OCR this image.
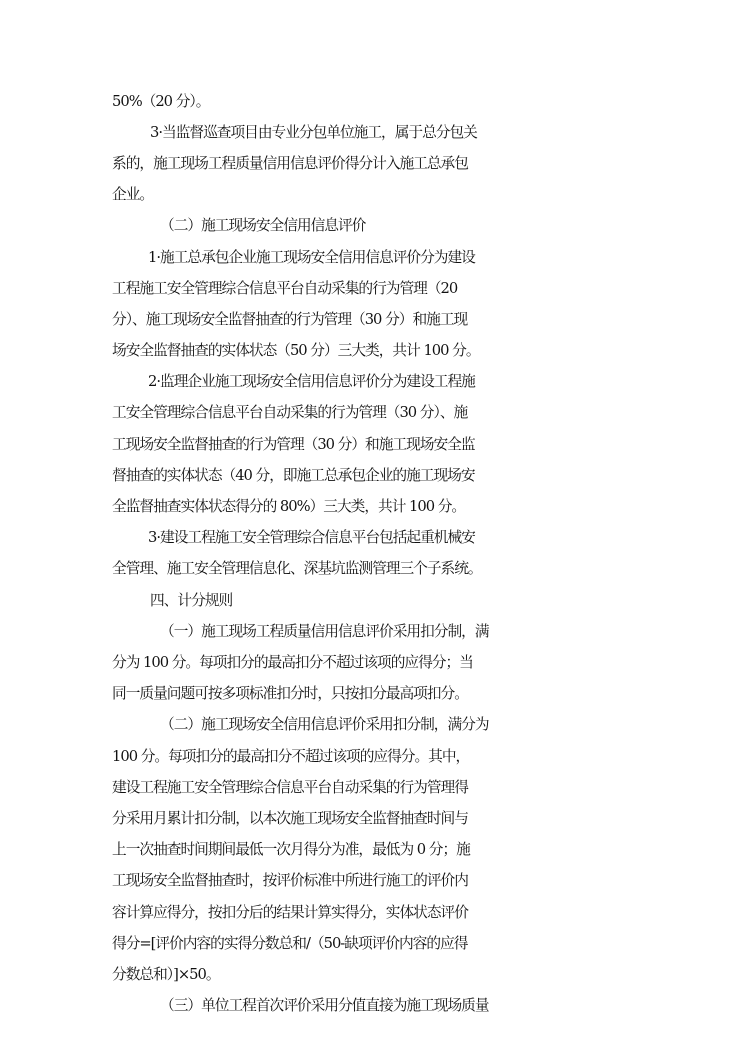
50%（20 分）。
3·当监督巡查项目由专业分包单位施工，属于总分包关
系的，施工现场工程质量信用信息评价得分计入施工总承包
企业。
（二）施工现场安全信用信息评价
1·施工总承包企业施工现场安全信用信息评价分为建设
工程施工安全管理综合信息平台自动采集的行为管理（20
分）、施工现场安全监督抽查的行为管理（30 分）和施工现
场安全监督抽查的实体状态（50 分）三大类，共计 100 分。
2·监理企业施工现场安全信用信息评价分为建设工程施
工安全管理综合信息平台自动采集的行为管理（30 分）、施
工现场安全监督抽查的行为管理（30 分）和施工现场安全监
督抽查的实体状态（40 分，即施工总承包企业的施工现场安
全监督抽查实体状态得分的 80%）三大类，共计 100 分。
3·建设工程施工安全管理综合信息平台包括起重机械安
全管理、施工安全管理信息化、深基坑监测管理三个子系统。
四、计分规则
（一）施工现场工程质量信用信息评价采用扣分制，满
分为 100 分。每项扣分的最高扣分不超过该项的应得分；当
同一质量问题可按多项标准扣分时，只按扣分最高项扣分。
（二）施工现场安全信用信息评价采用扣分制，满分为
100 分。每项扣分的最高扣分不超过该项的应得分。其中，
建设工程施工安全管理综合信息平台自动采集的行为管理得
分采用月累计扣分制，以本次施工现场安全监督抽查时间与
上一次抽查时间期间最低一次月得分为准，最低为 0 分；施
工现场安全监督抽查时，按评价标准中所进行施工的评价内
容计算应得分，按扣分后的结果计算实得分，实体状态评价
得分=[评价内容的实得分数总和/（50-缺项评价内容的应得
分数总和）]×50。
（三）单位工程首次评价采用分值直接为施工现场质量
